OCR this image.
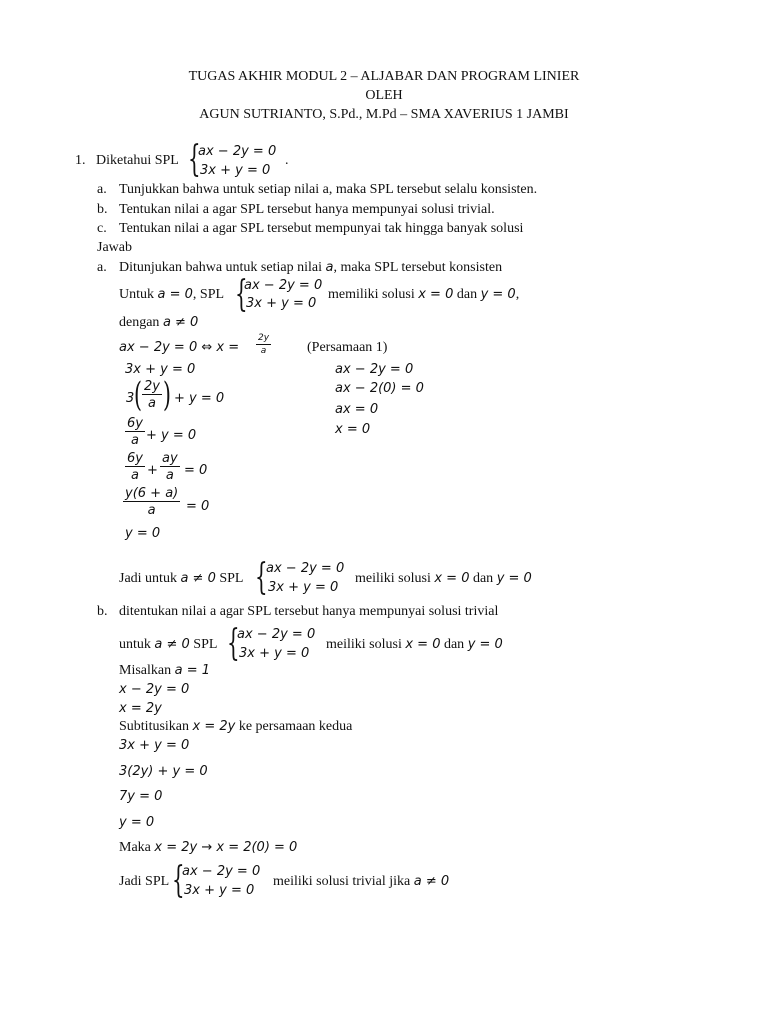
TUGAS AKHIR MODUL 2 – ALJABAR DAN PROGRAM LINIER
OLEH
AGUN SUTRIANTO, S.Pd., M.Pd – SMA XAVERIUS 1 JAMBI
1. Diketahui SPL {
ax − 2y = 0
3x + y = 0
.
a. Tunjukkan bahwa untuk setiap nilai a, maka SPL tersebut selalu konsisten.
b. Tentukan nilai a agar SPL tersebut hanya mempunyai solusi trivial.
c. Tentukan nilai a agar SPL tersebut mempunyai tak hingga banyak solusi
Jawab
a. Ditunjukan bahwa untuk setiap nilai a, maka SPL tersebut konsisten
Untuk a = 0, SPL {
ax − 2y = 0
3x + y = 0
memiliki solusi x = 0 dan y = 0,
dengan a ≠ 0
ax − 2y = 0 ⇔ $x = \frac{2y}{a}$	(Persamaan 1)
3x + y = 0
3 ( $\frac{2y}{a}$ ) + y = 0
$\frac{6y}{a} + y = 0$
$\frac{6y}{a} + \frac{ay}{a} = 0$
$\frac{y(6 + a)}{a} = 0$
y = 0
ax − 2y = 0
ax − 2(0) = 0
ax = 0
x = 0
Jadi untuk a ≠ 0 SPL {
ax − 2y = 0
3x + y = 0
meiliki solusi x = 0 dan y = 0
b. ditentukan nilai a agar SPL tersebut hanya mempunyai solusi trivial
untuk a ≠ 0 SPL {
ax − 2y = 0
3x + y = 0
meiliki solusi x = 0 dan y = 0
Misalkan a = 1
x − 2y = 0
x = 2y
Subtitusikan x = 2y ke persamaan kedua
3x + y = 0
3(2y) + y = 0
7y = 0
y = 0
Maka x = 2y → x = 2(0) = 0
Jadi SPL {
ax − 2y = 0
3x + y = 0
meiliki solusi trivial jika a ≠ 0
